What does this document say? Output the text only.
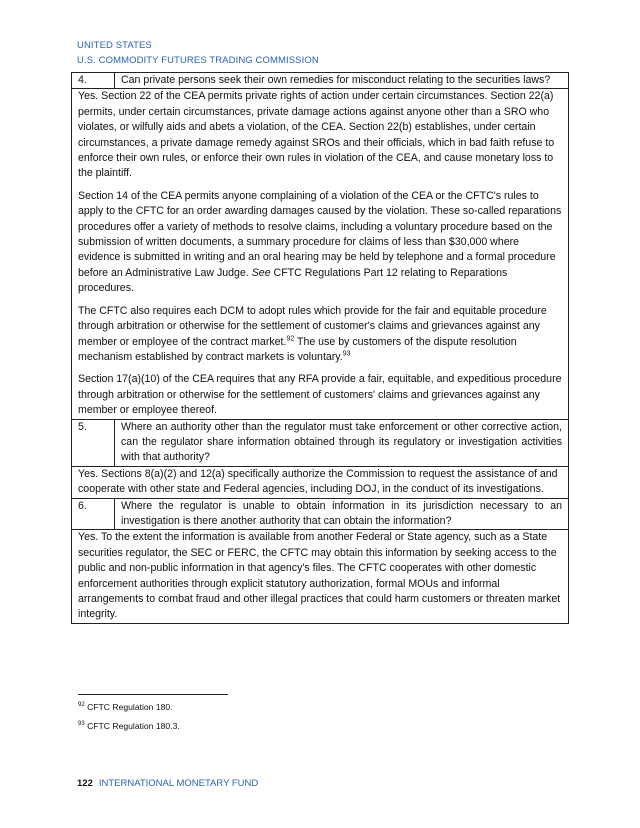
UNITED STATES
U.S. COMMODITY FUTURES TRADING COMMISSION
4.	Can private persons seek their own remedies for misconduct relating to the securities laws?

Yes. Section 22 of the CEA permits private rights of action under certain circumstances. Section 22(a) permits, under certain circumstances, private damage actions against anyone other than a SRO who violates, or wilfully aids and abets a violation, of the CEA. Section 22(b) establishes, under certain circumstances, a private damage remedy against SROs and their officials, which in bad faith refuse to enforce their own rules, or enforce their own rules in violation of the CEA, and cause monetary loss to the plaintiff.

Section 14 of the CEA permits anyone complaining of a violation of the CEA or the CFTC's rules to apply to the CFTC for an order awarding damages caused by the violation. These so-called reparations procedures offer a variety of methods to resolve claims, including a voluntary procedure based on the submission of written documents, a summary procedure for claims of less than $30,000 where evidence is submitted in writing and an oral hearing may be held by telephone and a formal procedure before an Administrative Law Judge. See CFTC Regulations Part 12 relating to Reparations procedures.

The CFTC also requires each DCM to adopt rules which provide for the fair and equitable procedure through arbitration or otherwise for the settlement of customer's claims and grievances against any member or employee of the contract market.$^{92}$ The use by customers of the dispute resolution mechanism established by contract markets is voluntary.$^{93}$

Section 17(a)(10) of the CEA requires that any RFA provide a fair, equitable, and expeditious procedure through arbitration or otherwise for the settlement of customers' claims and grievances against any member or employee thereof.	

5.	Where an authority other than the regulator must take enforcement or other corrective action, can the regulator share information obtained through its regulatory or investigation activities with that authority?

Yes. Sections 8(a)(2) and 12(a) specifically authorize the Commission to request the assistance of and cooperate with other state and Federal agencies, including DOJ, in the conduct of its investigations.	

6.	Where the regulator is unable to obtain information in its jurisdiction necessary to an investigation is there another authority that can obtain the information?

Yes. To the extent the information is available from another Federal or State agency, such as a State securities regulator, the SEC or FERC, the CFTC may obtain this information by seeking access to the public and non-public information in that agency's files. The CFTC cooperates with other domestic enforcement authorities through explicit statutory authorization, formal MOUs and informal arrangements to combat fraud and other illegal practices that could harm customers or threaten market integrity.	

$^{92}$ CFTC Regulation 180.
$^{93}$ CFTC Regulation 180.3.
122 INTERNATIONAL MONETARY FUND
